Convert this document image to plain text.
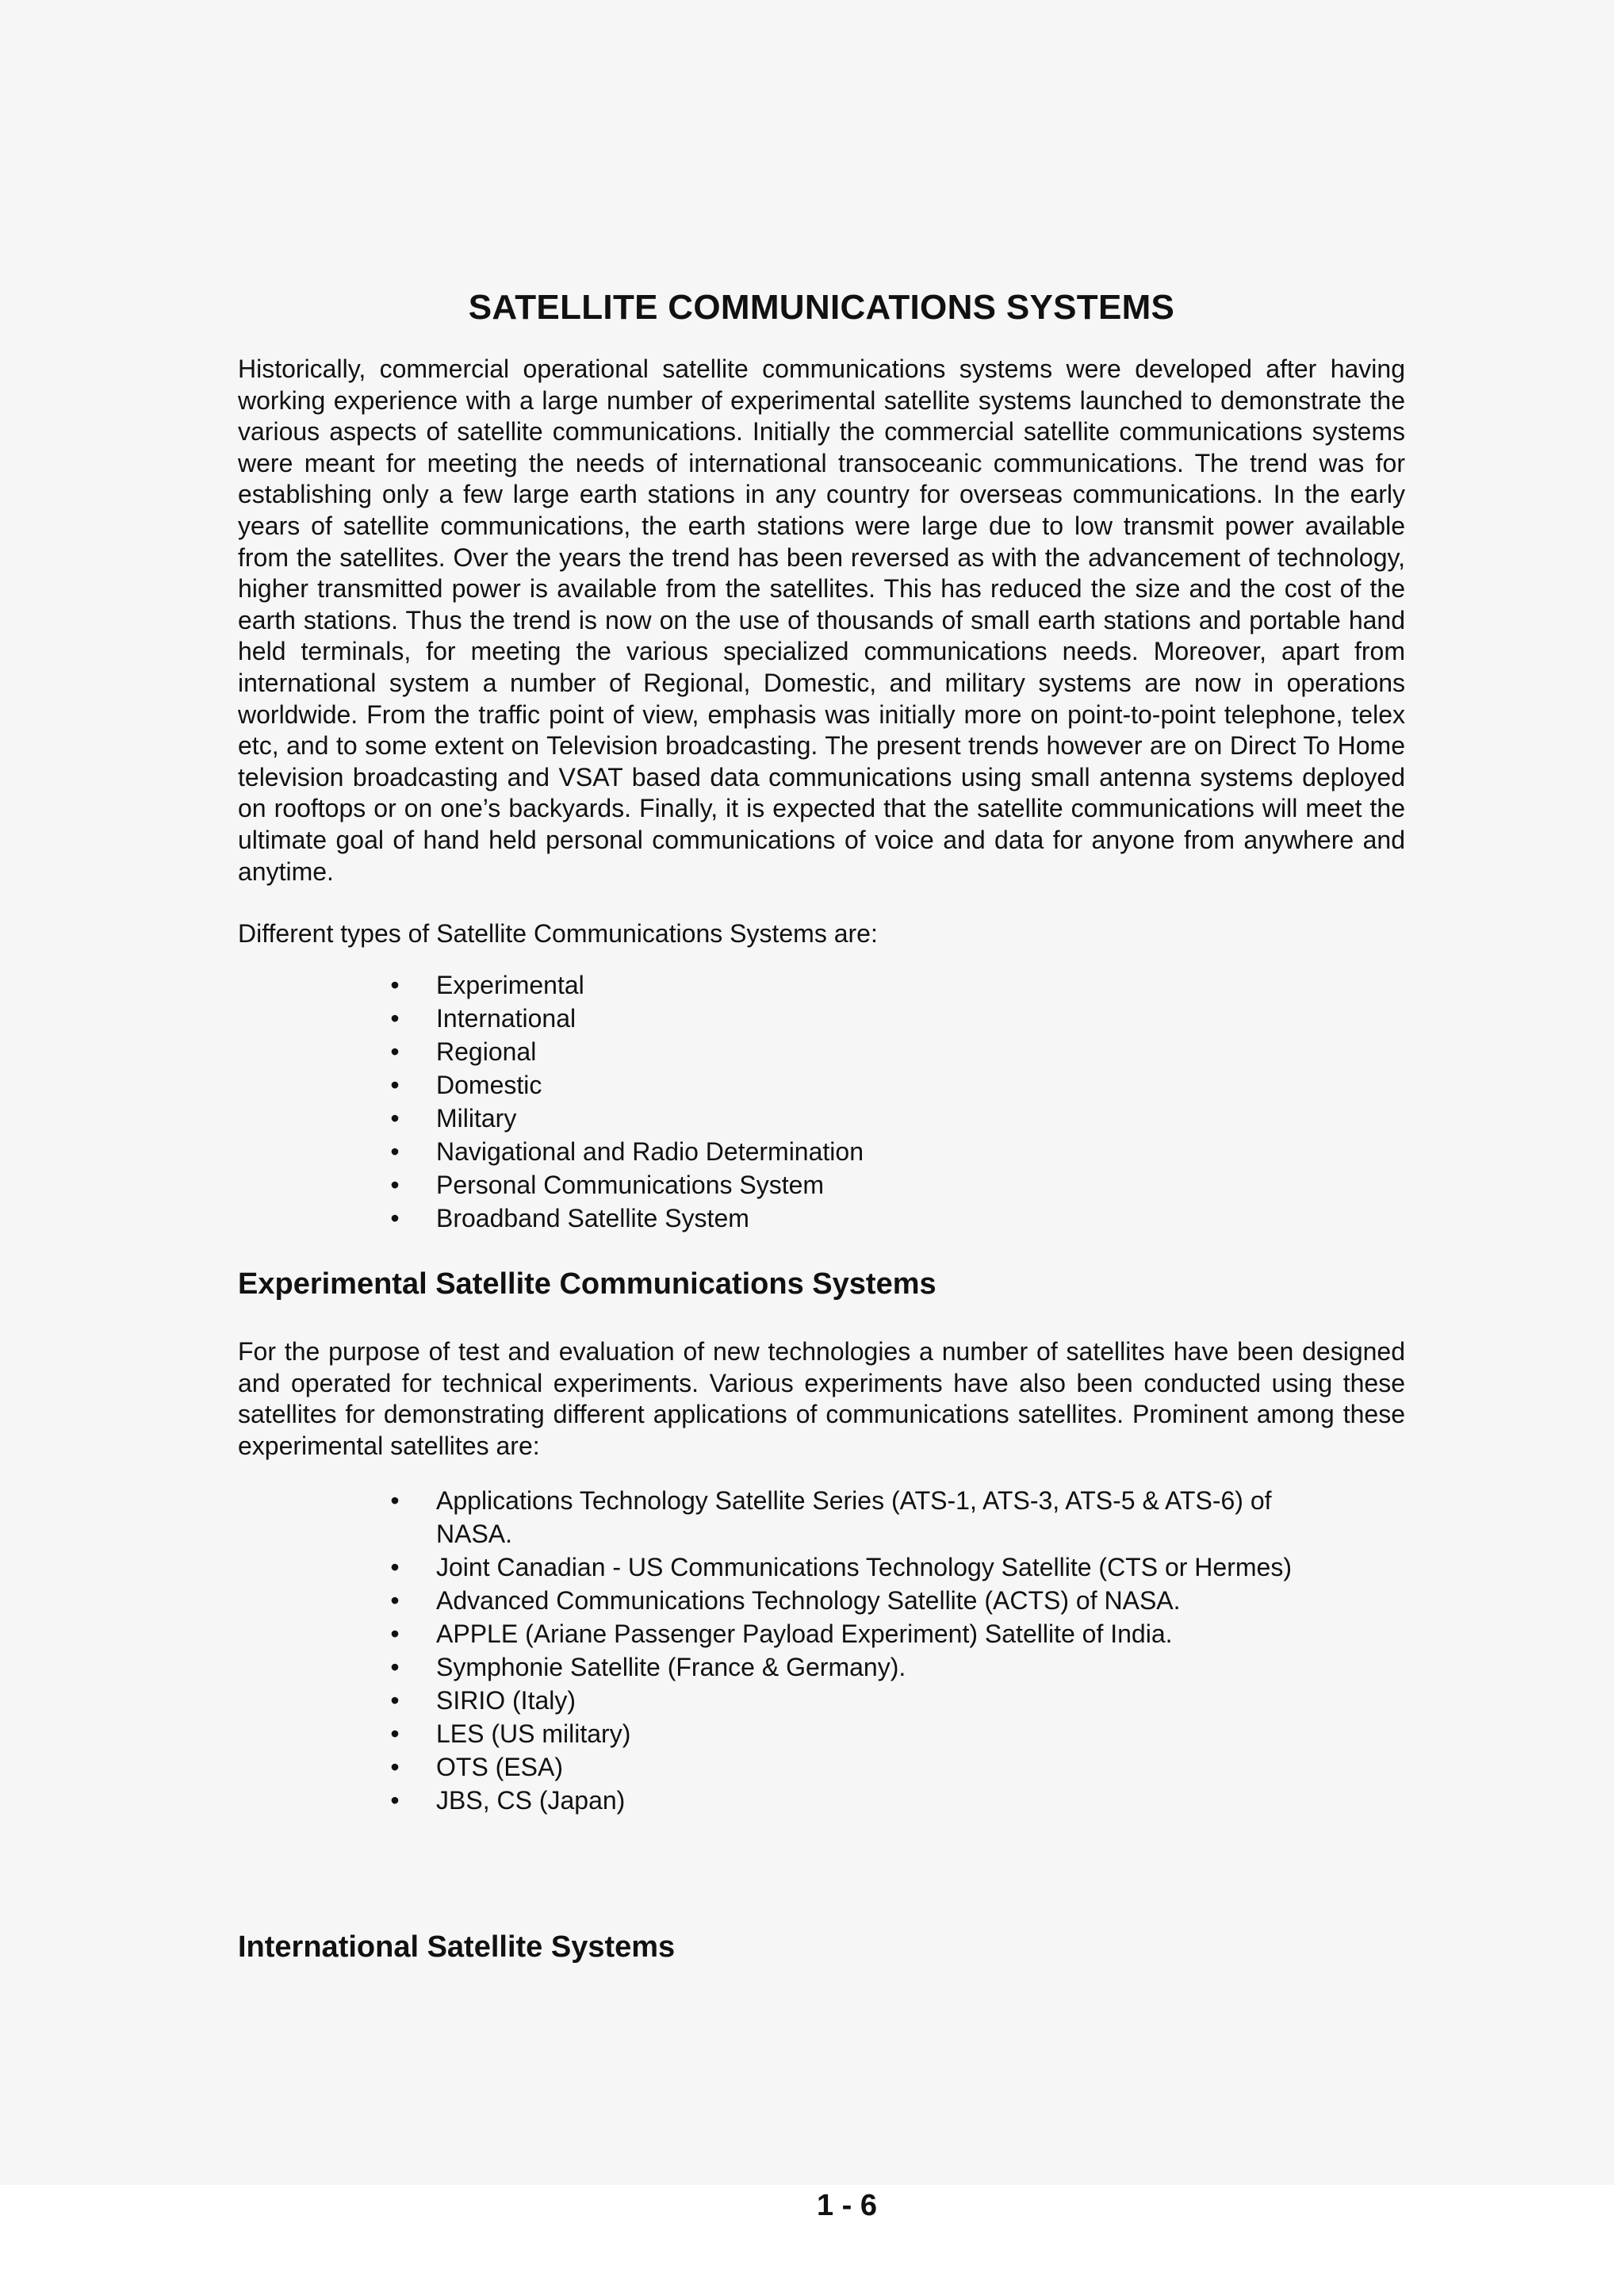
SATELLITE COMMUNICATIONS SYSTEMS

Historically, commercial operational satellite communications systems were developed after having working experience with a large number of experimental satellite systems launched to demonstrate the various aspects of satellite communications. Initially the commercial satellite communications systems were meant for meeting the needs of international transoceanic communications. The trend was for establishing only a few large earth stations in any country for overseas communications. In the early years of satellite communications, the earth stations were large due to low transmit power available from the satellites. Over the years the trend has been reversed as with the advancement of technology, higher transmitted power is available from the satellites. This has reduced the size and the cost of the earth stations. Thus the trend is now on the use of thousands of small earth stations and portable hand held terminals, for meeting the various specialized communications needs. Moreover, apart from international system a number of Regional, Domestic, and military systems are now in operations worldwide. From the traffic point of view, emphasis was initially more on point-to-point telephone, telex etc, and to some extent on Television broadcasting. The present trends however are on Direct To Home television broadcasting and VSAT based data communications using small antenna systems deployed on rooftops or on one’s backyards. Finally, it is expected that the satellite communications will meet the ultimate goal of hand held personal communications of voice and data for anyone from anywhere and anytime.

Different types of Satellite Communications Systems are:

• Experimental
• International
• Regional
• Domestic
• Military
• Navigational and Radio Determination
• Personal Communications System
• Broadband Satellite System
Experimental Satellite Communications Systems

For the purpose of test and evaluation of new technologies a number of satellites have been designed and operated for technical experiments. Various experiments have also been conducted using these satellites for demonstrating different applications of communications satellites. Prominent among these experimental satellites are:

• Applications Technology Satellite Series (ATS-1, ATS-3, ATS-5 & ATS-6) of NASA.
• Joint Canadian - US Communications Technology Satellite (CTS or Hermes)
• Advanced Communications Technology Satellite (ACTS) of NASA.
• APPLE (Ariane Passenger Payload Experiment) Satellite of India.
• Symphonie Satellite (France & Germany).
• SIRIO (Italy)
• LES (US military)
• OTS (ESA)
• JBS, CS (Japan)
International Satellite Systems
1 - 6
